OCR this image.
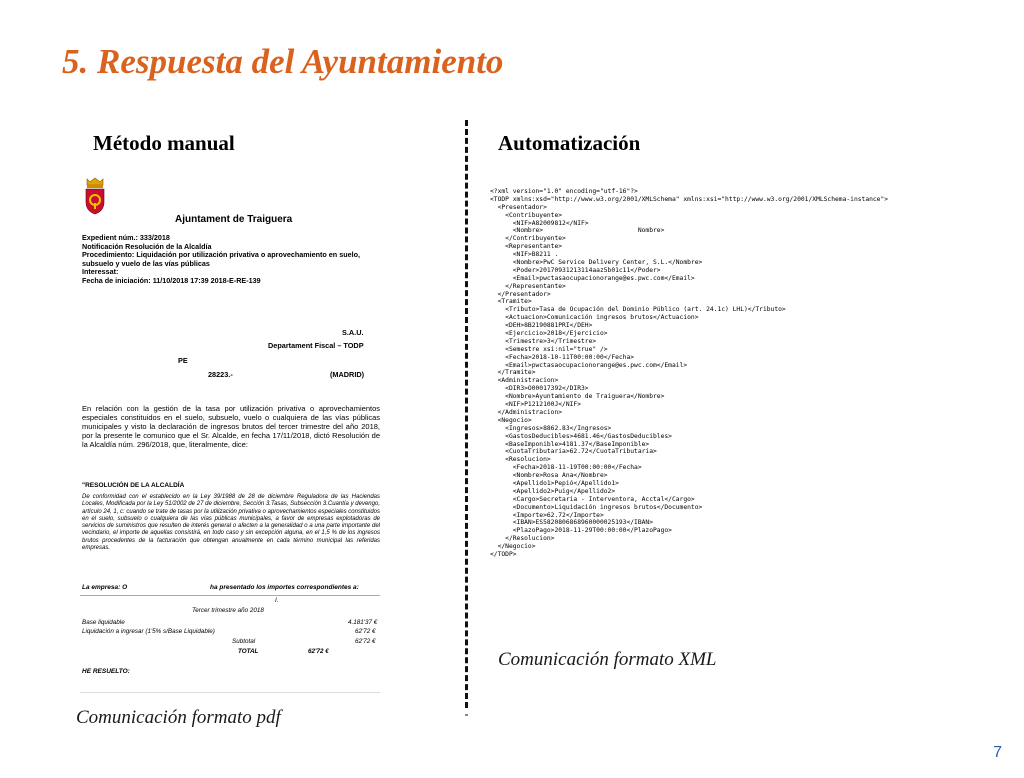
5. Respuesta del Ayuntamiento
Método manual	Automatización
Ajuntament de Traiguera
Expedient núm.: 333/2018
Notificación Resolución de la Alcaldía
Procedimiento: Liquidación por utilización privativa o aprovechamiento en suelo, subsuelo y vuelo de las vías públicas
Interessat:
Fecha de iniciación: 11/10/2018 17:39 2018-E-RE-139
S.A.U.
Departament Fiscal – TODP
PE
28223.-	(MADRID)
En relación con la gestión de la tasa por utilización privativa o aprovechamientos especiales constituidos en el suelo, subsuelo, vuelo o cualquiera de las vías públicas municipales y visto la declaración de ingresos brutos del tercer trimestre del año 2018, por la presente le comunico que el Sr. Alcalde, en fecha 17/11/2018, dictó Resolución de la Alcaldía núm. 296/2018, que, literalmente, dice:
"RESOLUCIÓN DE LA ALCALDÍA
De conformidad con el establecido en la Ley 39/1988 de 28 de diciembre Reguladora de las Haciendas Locales, Modificada por la Ley 51/2002 de 27 de diciembre, Sección 3.Tasas, Subsección 3.Cuantía y devengo, artículo 24, 1, c: cuando se trate de tasas por la utilización privativa o aprovechamientos especiales constituidos en el suelo, subsuelo o cualquiera de las vías públicas municipales, a favor de empresas explotadoras de servicios de suministros que resulten de interés general o afecten a la generalidad o a una parte importante del vecindario, el importe de aquellas consistirá, en todo caso y sin excepción alguna, en el 1,5 % de los ingresos brutos procedentes de la facturación que obtengan anualmente en cada término municipal las referidas empresas.
La empresa: O	ha presentado los importes correspondientes a:
I.
Tercer trimestre año 2018
Base liquidable	4.181'37 €
Liquidación a ingresar (1'5% s/Base Liquidable)	62'72 €
Subtotal	62'72 €
TOTAL	62'72 €
HE RESUELTO:
<?xml version="1.0" encoding="utf-16"?>
<TODP xmlns:xsd="http://www.w3.org/2001/XMLSchema" xmlns:xsi="http://www.w3.org/2001/XMLSchema-instance">
<Presentador>
<Contribuyente>
<NIF>A82009812</NIF>
<Nombre>                         Nombre>
</Contribuyente>
<Representante>
<NIF>B8211 .
<Nombre>PwC Service Delivery Center, S.L.</Nombre>
<Poder>20170931213114aaz5b01c11</Poder>
<Email>pwctasaocupacionorange@es.pwc.com</Email>
</Representante>
</Presentador>
<Tramite>
<Tributo>Tasa de Ocupación del Dominio Público (art. 24.1c) LHL)</Tributo>
<Actuacion>Comunicación ingresos brutos</Actuacion>
<DEH>8B2190881PRI</DEH>
<Ejercicio>2018</Ejercicio>
<Trimestre>3</Trimestre>
<Semestre xsi:nil="true" />
<Fecha>2018-10-11T00:00:00</Fecha>
<Email>pwctasaocupacionorange@es.pwc.com</Email>
</Tramite>
<Administracion>
<DIR3>O00017392</DIR3>
<Nombre>Ayuntamiento de Traiguera</Nombre>
<NIF>P1212100J</NIF>
</Administracion>
<Negocio>
<Ingresos>8862.83</Ingresos>
<GastosDeducibles>4681.46</GastosDeducibles>
<BaseImponible>4181.37</BaseImponible>
<CuotaTributaria>62.72</CuotaTributaria>
<Resolucion>
<Fecha>2018-11-19T00:00:00</Fecha>
<Nombre>Rosa Ana</Nombre>
<Apellido1>Pepió</Apellido1>
<Apellido2>Puig</Apellido2>
<Cargo>Secretaria - Interventora, Acctal</Cargo>
<Documento>Liquidación ingresos brutos</Documento>
<Importe>62.72</Importe>
<IBAN>ES5820806868960000025193</IBAN>
<PlazoPago>2018-11-29T00:00:00</PlazoPago>
</Resolucion>
</Negocio>
</TODP>
Comunicación formato pdf
Comunicación formato XML
7
